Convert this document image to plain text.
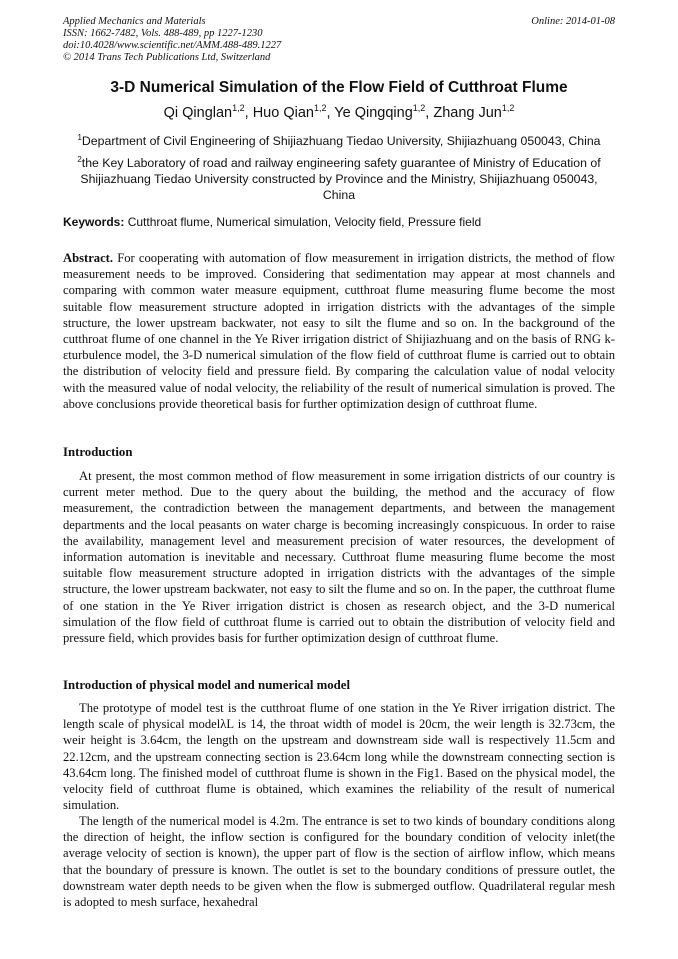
Applied Mechanics and Materials
ISSN: 1662-7482, Vols. 488-489, pp 1227-1230
doi:10.4028/www.scientific.net/AMM.488-489.1227
© 2014 Trans Tech Publications Ltd, Switzerland
Online: 2014-01-08
3-D Numerical Simulation of the Flow Field of Cutthroat Flume
Qi Qinglan$^{1,2}$, Huo Qian$^{1,2}$, Ye Qingqing$^{1,2}$, Zhang Jun$^{1,2}$
$^1$Department of Civil Engineering of Shijiazhuang Tiedao University, Shijiazhuang 050043, China
$^2$the Key Laboratory of road and railway engineering safety guarantee of Ministry of Education of Shijiazhuang Tiedao University constructed by Province and the Ministry, Shijiazhuang 050043, China
Keywords: Cutthroat flume, Numerical simulation, Velocity field, Pressure field
Abstract. For cooperating with automation of flow measurement in irrigation districts, the method of flow measurement needs to be improved. Considering that sedimentation may appear at most channels and comparing with common water measure equipment, cutthroat flume measuring flume become the most suitable flow measurement structure adopted in irrigation districts with the advantages of the simple structure, the lower upstream backwater, not easy to silt the flume and so on. In the background of the cutthroat flume of one channel in the Ye River irrigation district of Shijiazhuang and on the basis of RNG k-εturbulence model, the 3-D numerical simulation of the flow field of cutthroat flume is carried out to obtain the distribution of velocity field and pressure field. By comparing the calculation value of nodal velocity with the measured value of nodal velocity, the reliability of the result of numerical simulation is proved. The above conclusions provide theoretical basis for further optimization design of cutthroat flume.
Introduction
At present, the most common method of flow measurement in some irrigation districts of our country is current meter method. Due to the query about the building, the method and the accuracy of flow measurement, the contradiction between the management departments, and between the management departments and the local peasants on water charge is becoming increasingly conspicuous. In order to raise the availability, management level and measurement precision of water resources, the development of information automation is inevitable and necessary. Cutthroat flume measuring flume become the most suitable flow measurement structure adopted in irrigation districts with the advantages of the simple structure, the lower upstream backwater, not easy to silt the flume and so on. In the paper, the cutthroat flume of one station in the Ye River irrigation district is chosen as research object, and the 3-D numerical simulation of the flow field of cutthroat flume is carried out to obtain the distribution of velocity field and pressure field, which provides basis for further optimization design of cutthroat flume.
Introduction of physical model and numerical model
The prototype of model test is the cutthroat flume of one station in the Ye River irrigation district. The length scale of physical modelλL is 14, the throat width of model is 20cm, the weir length is 32.73cm, the weir height is 3.64cm, the length on the upstream and downstream side wall is respectively 11.5cm and 22.12cm, and the upstream connecting section is 23.64cm long while the downstream connecting section is 43.64cm long. The finished model of cutthroat flume is shown in the Fig1. Based on the physical model, the velocity field of cutthroat flume is obtained, which examines the reliability of the result of numerical simulation.
The length of the numerical model is 4.2m. The entrance is set to two kinds of boundary conditions along the direction of height, the inflow section is configured for the boundary condition of velocity inlet(the average velocity of section is known), the upper part of flow is the section of airflow inflow, which means that the boundary of pressure is known. The outlet is set to the boundary conditions of pressure outlet, the downstream water depth needs to be given when the flow is submerged outflow. Quadrilateral regular mesh is adopted to mesh surface, hexahedral
